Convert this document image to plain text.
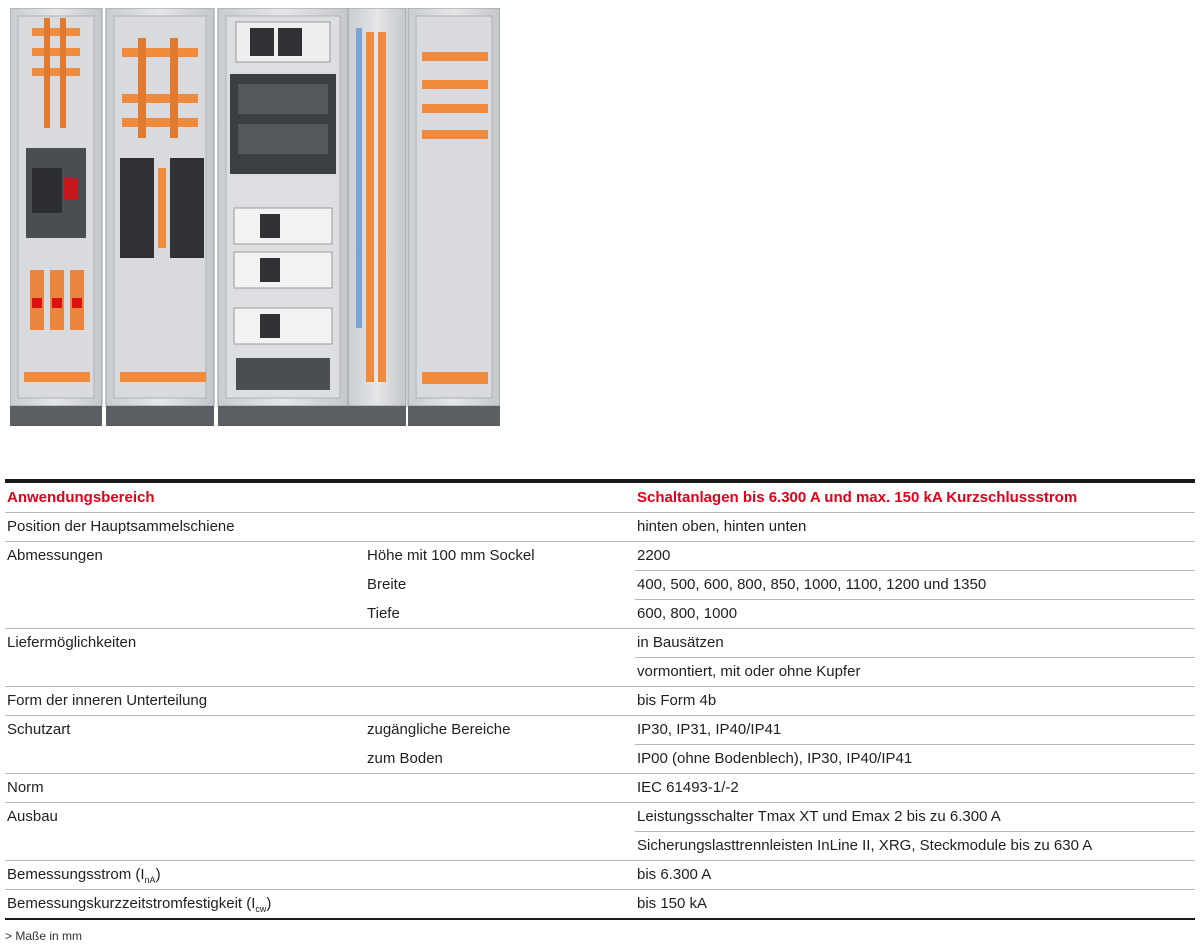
Anwendungsbereich		Schaltanlagen bis 6.300 A und max. 150 kA Kurzschlussstrom
Position der Hauptsammelschiene		hinten oben, hinten unten
Abmessungen	Höhe mit 100 mm Sockel	2200
	Breite	400, 500, 600, 800, 850, 1000, 1100, 1200 und 1350
	Tiefe	600, 800, 1000
Liefermöglichkeiten		in Bausätzen
		vormontiert, mit oder ohne Kupfer
Form der inneren Unterteilung		bis Form 4b
Schutzart	zugängliche Bereiche	IP30, IP31, IP40/IP41
	zum Boden	IP00 (ohne Bodenblech), IP30, IP40/IP41
Norm		IEC 61493-1/-2
Ausbau		Leistungsschalter Tmax XT und Emax 2 bis zu 6.300 A
		Sicherungslasttrennleisten InLine II, XRG, Steckmodule bis zu 630 A
Bemessungsstrom $(I_{nA})$		bis 6.300 A
Bemessungskurzzeitstromfestigkeit $(I_{cw})$		bis 150 kA
> Maße in mm
